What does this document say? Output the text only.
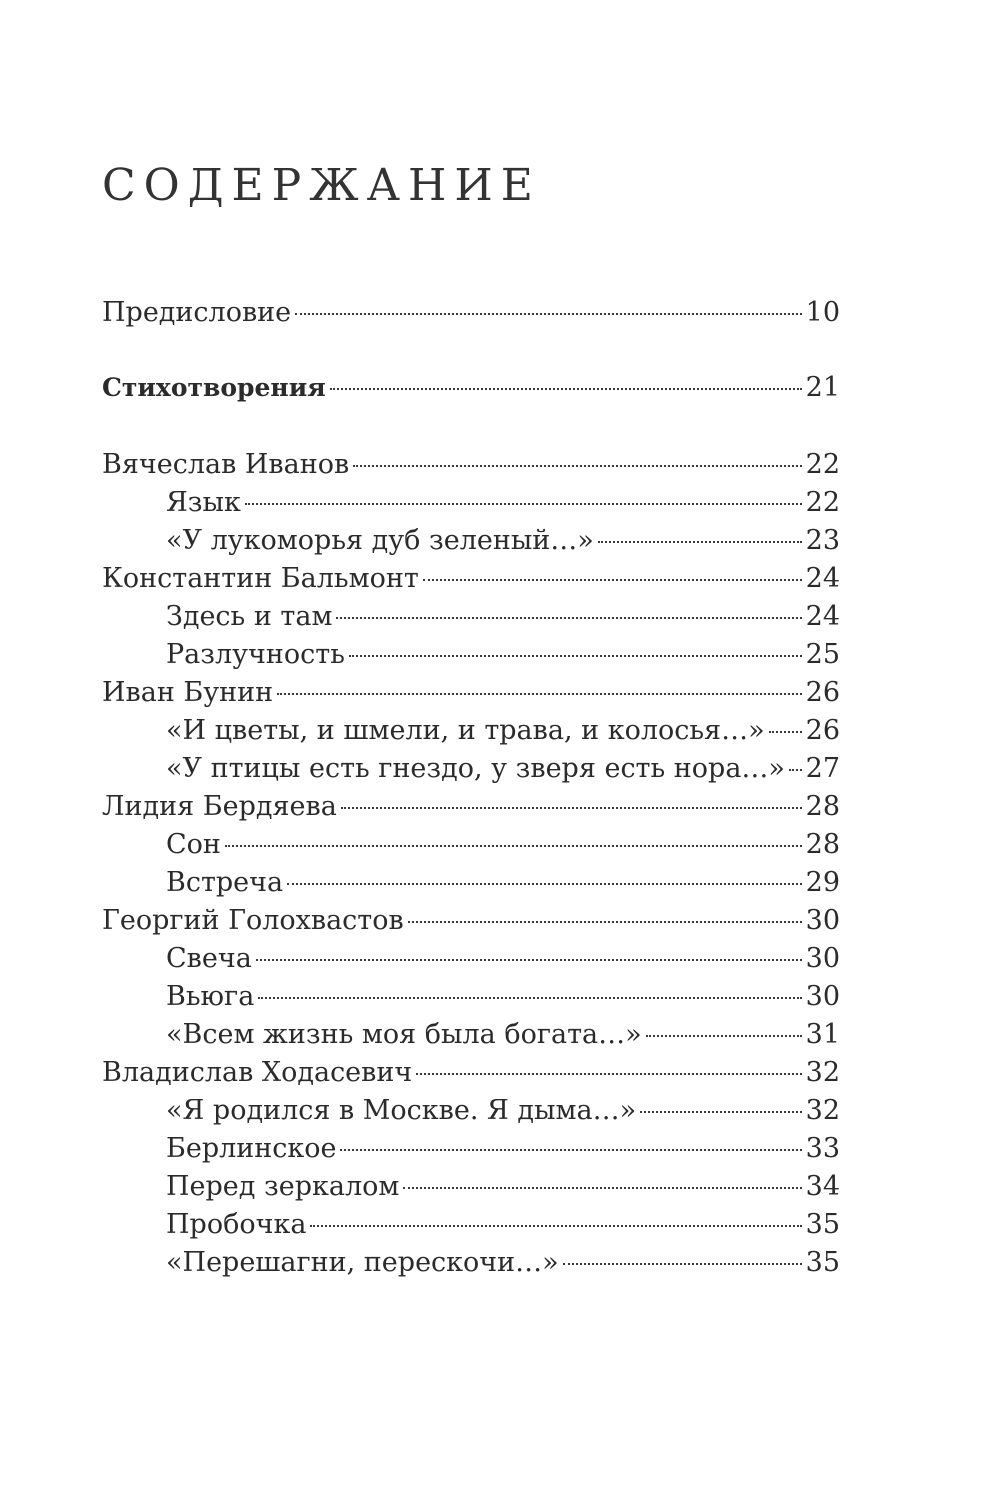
СОДЕРЖАНИЕ
Предисловие	10
Стихотворения	21
Вячеслав Иванов	22
Язык	22
«У лукоморья дуб зеленый…»	23
Константин Бальмонт	24
Здесь и там	24
Разлучность	25
Иван Бунин	26
«И цветы, и шмели, и трава, и колосья…» 26
«У птицы есть гнездо, у зверя есть нора…» 27
Лидия Бердяева	28
Сон	28
Встреча	29
Георгий Голохвастов	30
Свеча	30
Вьюга	30
«Всем жизнь моя была богата…»	31
Владислав Ходасевич	32
«Я родился в Москве. Я дыма…»	32
Берлинское	33
Перед зеркалом	34
Пробочка	35
«Перешагни, перескочи…»	35
